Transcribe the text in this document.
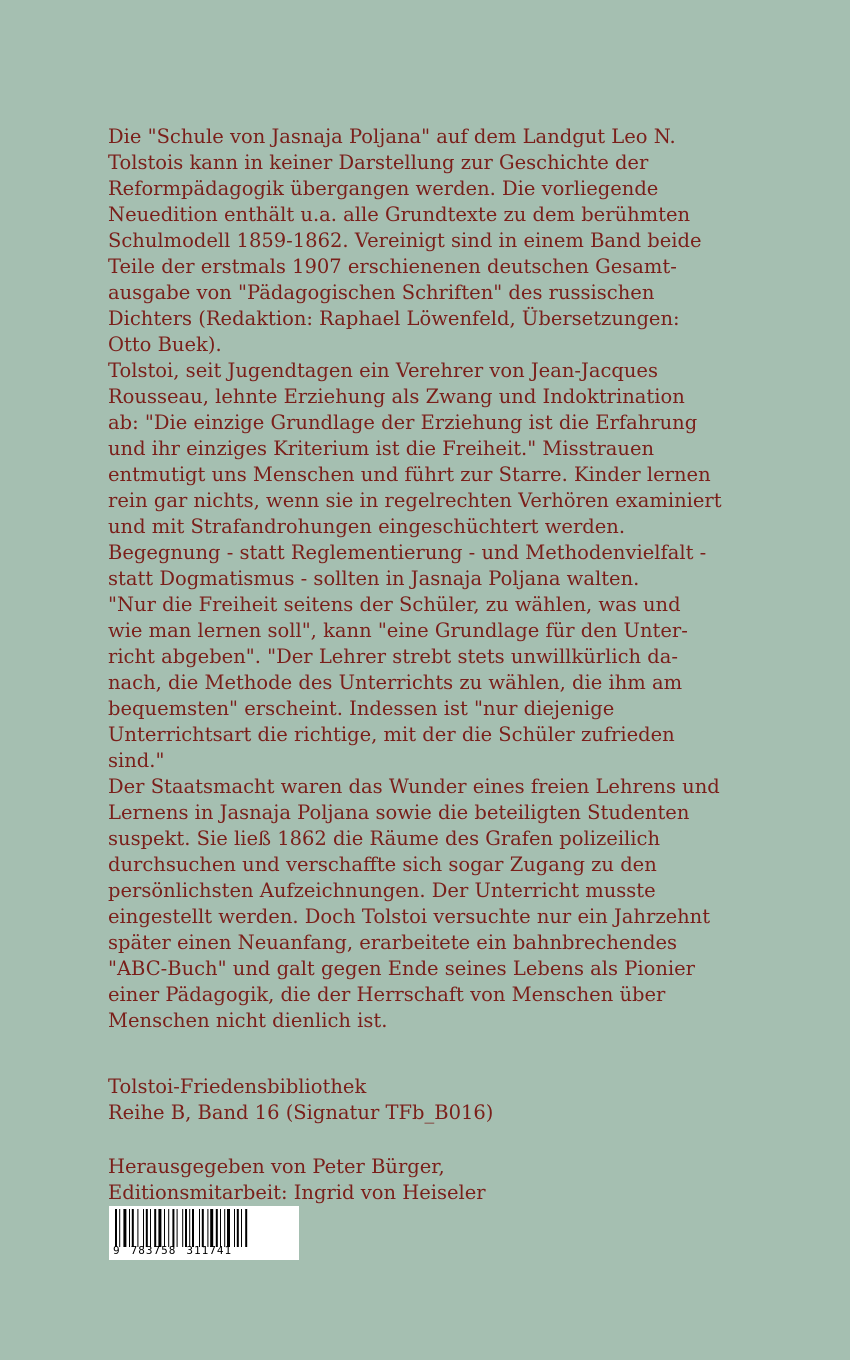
Die "Schule von Jasnaja Poljana" auf dem Landgut Leo N.

Tolstois kann in keiner Darstellung zur Geschichte der

Reformpädagogik übergangen werden. Die vorliegende

Neuedition enthält u.a. alle Grundtexte zu dem berühmten

Schulmodell 1859-1862. Vereinigt sind in einem Band beide

Teile der erstmals 1907 erschienenen deutschen Gesamt-

ausgabe von "Pädagogischen Schriften" des russischen

Dichters (Redaktion: Raphael Löwenfeld, Übersetzungen:

Otto Buek).

Tolstoi, seit Jugendtagen ein Verehrer von Jean-Jacques

Rousseau, lehnte Erziehung als Zwang und Indoktrination

ab: "Die einzige Grundlage der Erziehung ist die Erfahrung

und ihr einziges Kriterium ist die Freiheit." Misstrauen

entmutigt uns Menschen und führt zur Starre. Kinder lernen

rein gar nichts, wenn sie in regelrechten Verhören examiniert

und mit Strafandrohungen eingeschüchtert werden.

Begegnung - statt Reglementierung - und Methodenvielfalt -

statt Dogmatismus - sollten in Jasnaja Poljana walten.

"Nur die Freiheit seitens der Schüler, zu wählen, was und

wie man lernen soll", kann "eine Grundlage für den Unter-

richt abgeben". "Der Lehrer strebt stets unwillkürlich da-

nach, die Methode des Unterrichts zu wählen, die ihm am

bequemsten" erscheint. Indessen ist "nur diejenige

Unterrichtsart die richtige, mit der die Schüler zufrieden

sind."

Der Staatsmacht waren das Wunder eines freien Lehrens und

Lernens in Jasnaja Poljana sowie die beteiligten Studenten

suspekt. Sie ließ 1862 die Räume des Grafen polizeilich

durchsuchen und verschaffte sich sogar Zugang zu den

persönlichsten Aufzeichnungen. Der Unterricht musste

eingestellt werden. Doch Tolstoi versuchte nur ein Jahrzehnt

später einen Neuanfang, erarbeitete ein bahnbrechendes

"ABC-Buch" und galt gegen Ende seines Lebens als Pionier

einer Pädagogik, die der Herrschaft von Menschen über

Menschen nicht dienlich ist.

Tolstoi-Friedensbibliothek

Reihe B, Band 16 (Signatur TFb_B016)

Herausgegeben von Peter Bürger,

Editionsmitarbeit: Ingrid von Heiseler

9 783758 311741
